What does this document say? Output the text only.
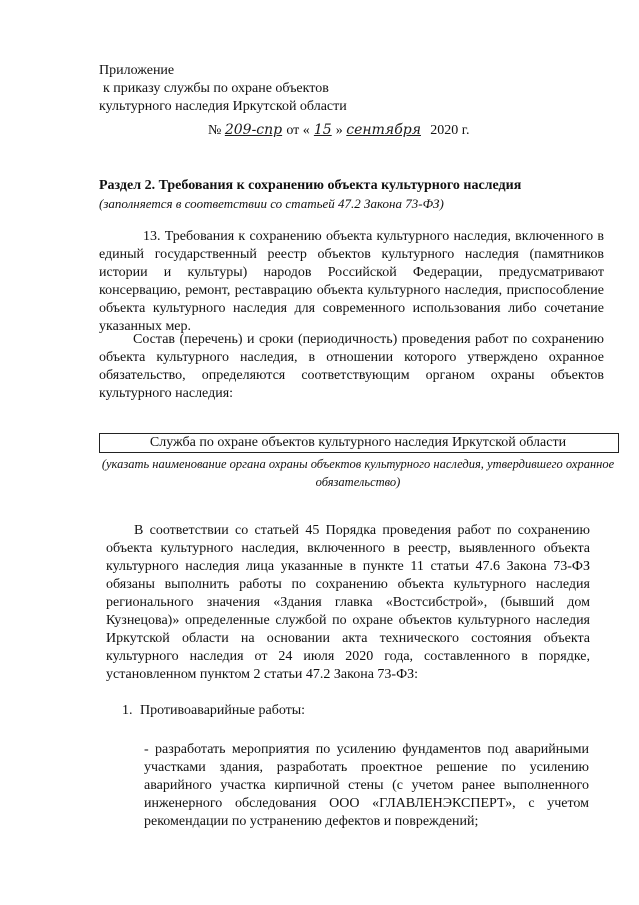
Приложение
к приказу службы по охране объектов
культурного наследия Иркутской области
№ 209-спр от « 15 » сентября 2020 г.
Раздел 2. Требования к сохранению объекта культурного наследия
(заполняется в соответствии со статьей 47.2 Закона 73-ФЗ)
13. Требования к сохранению объекта культурного наследия, включенного в единый государственный реестр объектов культурного наследия (памятников истории и культуры) народов Российской Федерации, предусматривают консервацию, ремонт, реставрацию объекта культурного наследия, приспособление объекта культурного наследия для современного использования либо сочетание указанных мер.
Состав (перечень) и сроки (периодичность) проведения работ по сохранению объекта культурного наследия, в отношении которого утверждено охранное обязательство, определяются соответствующим органом охраны объектов культурного наследия:
Служба по охране объектов культурного наследия Иркутской области
(указать наименование органа охраны объектов культурного наследия, утвердившего охранное обязательство)
В соответствии со статьей 45 Порядка проведения работ по сохранению объекта культурного наследия, включенного в реестр, выявленного объекта культурного наследия лица указанные в пункте 11 статьи 47.6 Закона 73-ФЗ обязаны выполнить работы по сохранению объекта культурного наследия регионального значения «Здания главка «Востсибстрой», (бывший дом Кузнецова)» определенные службой по охране объектов культурного наследия Иркутской области на основании акта технического состояния объекта культурного наследия от 24 июля 2020 года, составленного в порядке, установленном пунктом 2 статьи 47.2 Закона 73-ФЗ:
1. Противоаварийные работы:
- разработать мероприятия по усилению фундаментов под аварийными участками здания, разработать проектное решение по усилению аварийного участка кирпичной стены (с учетом ранее выполненного инженерного обследования ООО «ГЛАВЛЕНЭКСПЕРТ», с учетом рекомендации по устранению дефектов и повреждений;
